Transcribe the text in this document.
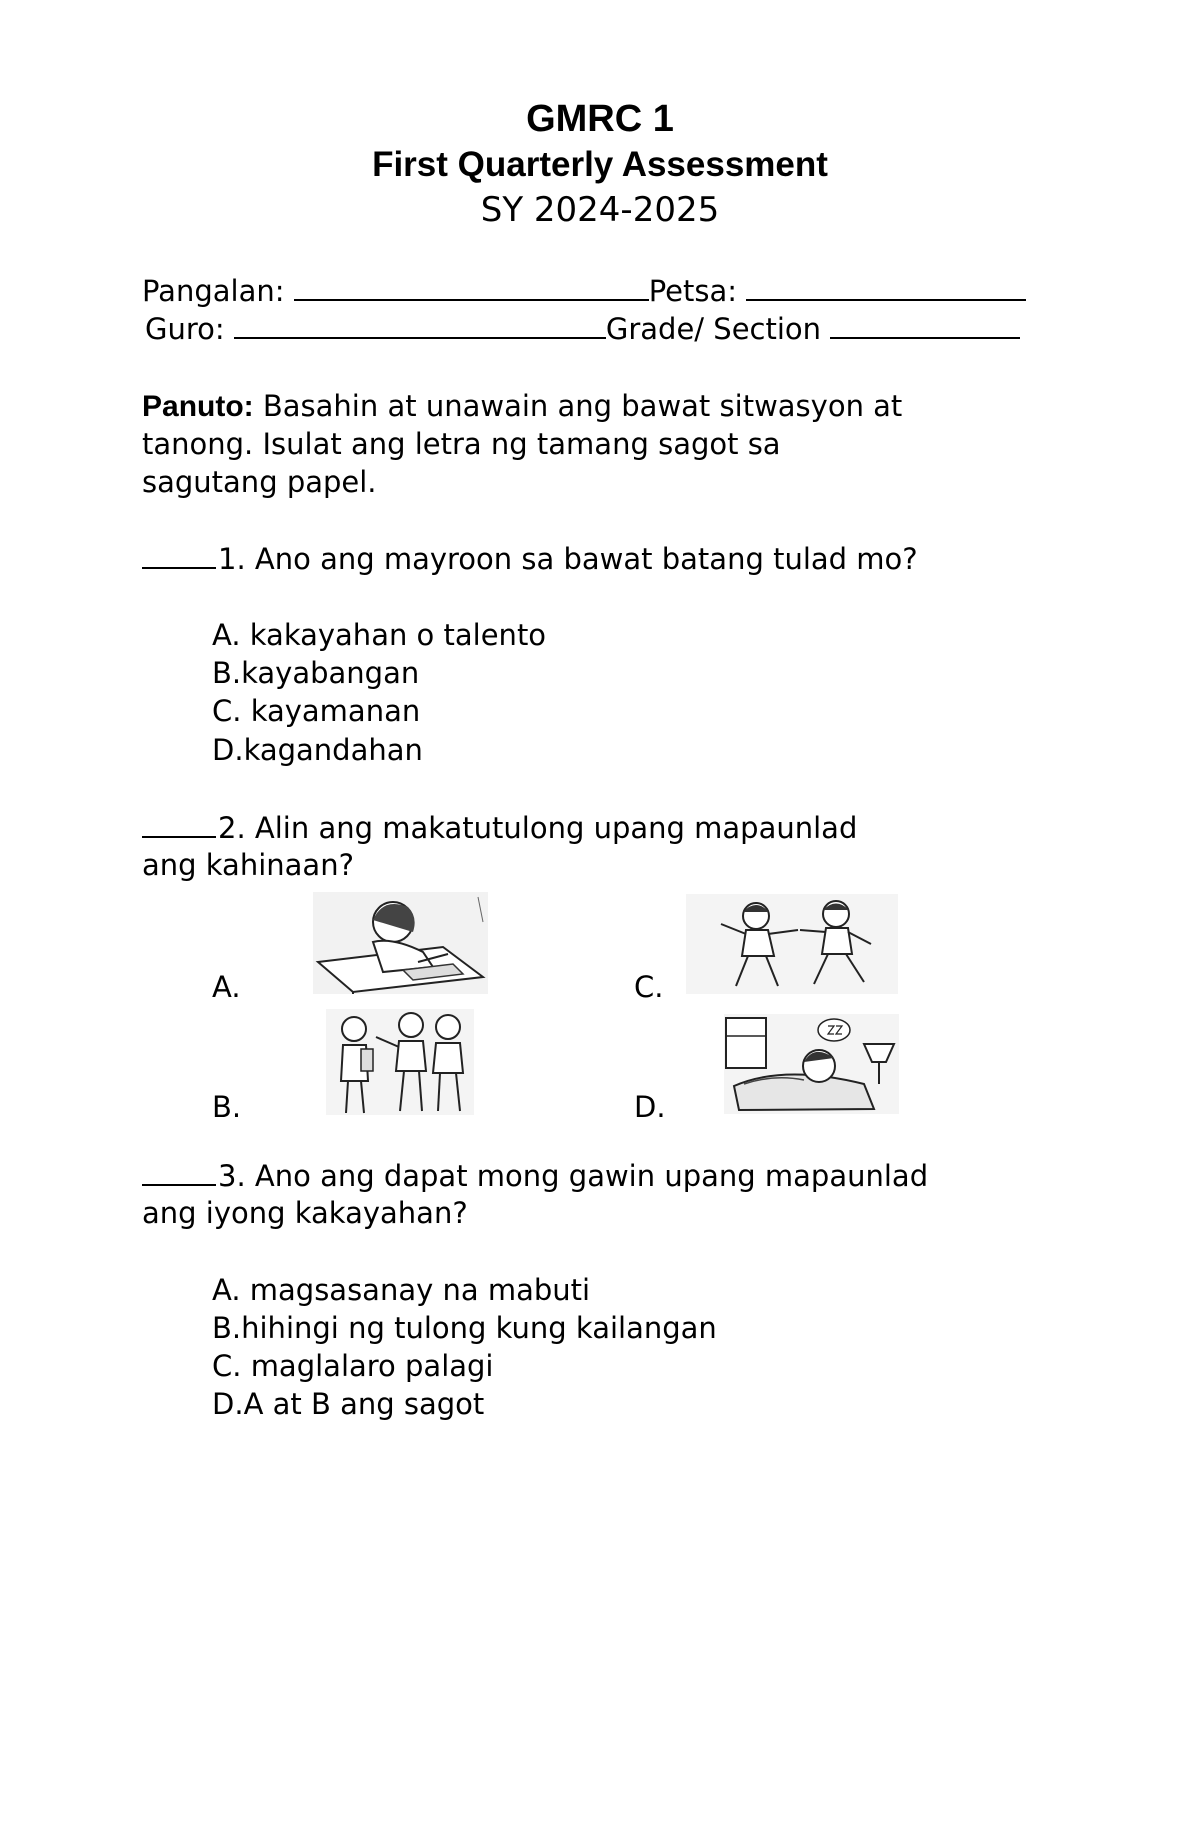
GMRC 1
First Quarterly Assessment
SY 2024-2025
Pangalan:	Petsa:
Guro:	Grade/ Section
Panuto: Basahin at unawain ang bawat sitwasyon at
tanong. Isulat ang letra ng tamang sagot sa
sagutang papel.
1. Ano ang mayroon sa bawat batang tulad mo?
A. kakayahan o talento
B.kayabangan
C. kayamanan
D.kagandahan
2. Alin ang makatutulong upang mapaunlad
ang kahinaan?
A.
B.
C.
D.
3. Ano ang dapat mong gawin upang mapaunlad
ang iyong kakayahan?
A. magsasanay na mabuti
B.hihingi ng tulong kung kailangan
C. maglalaro palagi
D.A at B ang sagot
